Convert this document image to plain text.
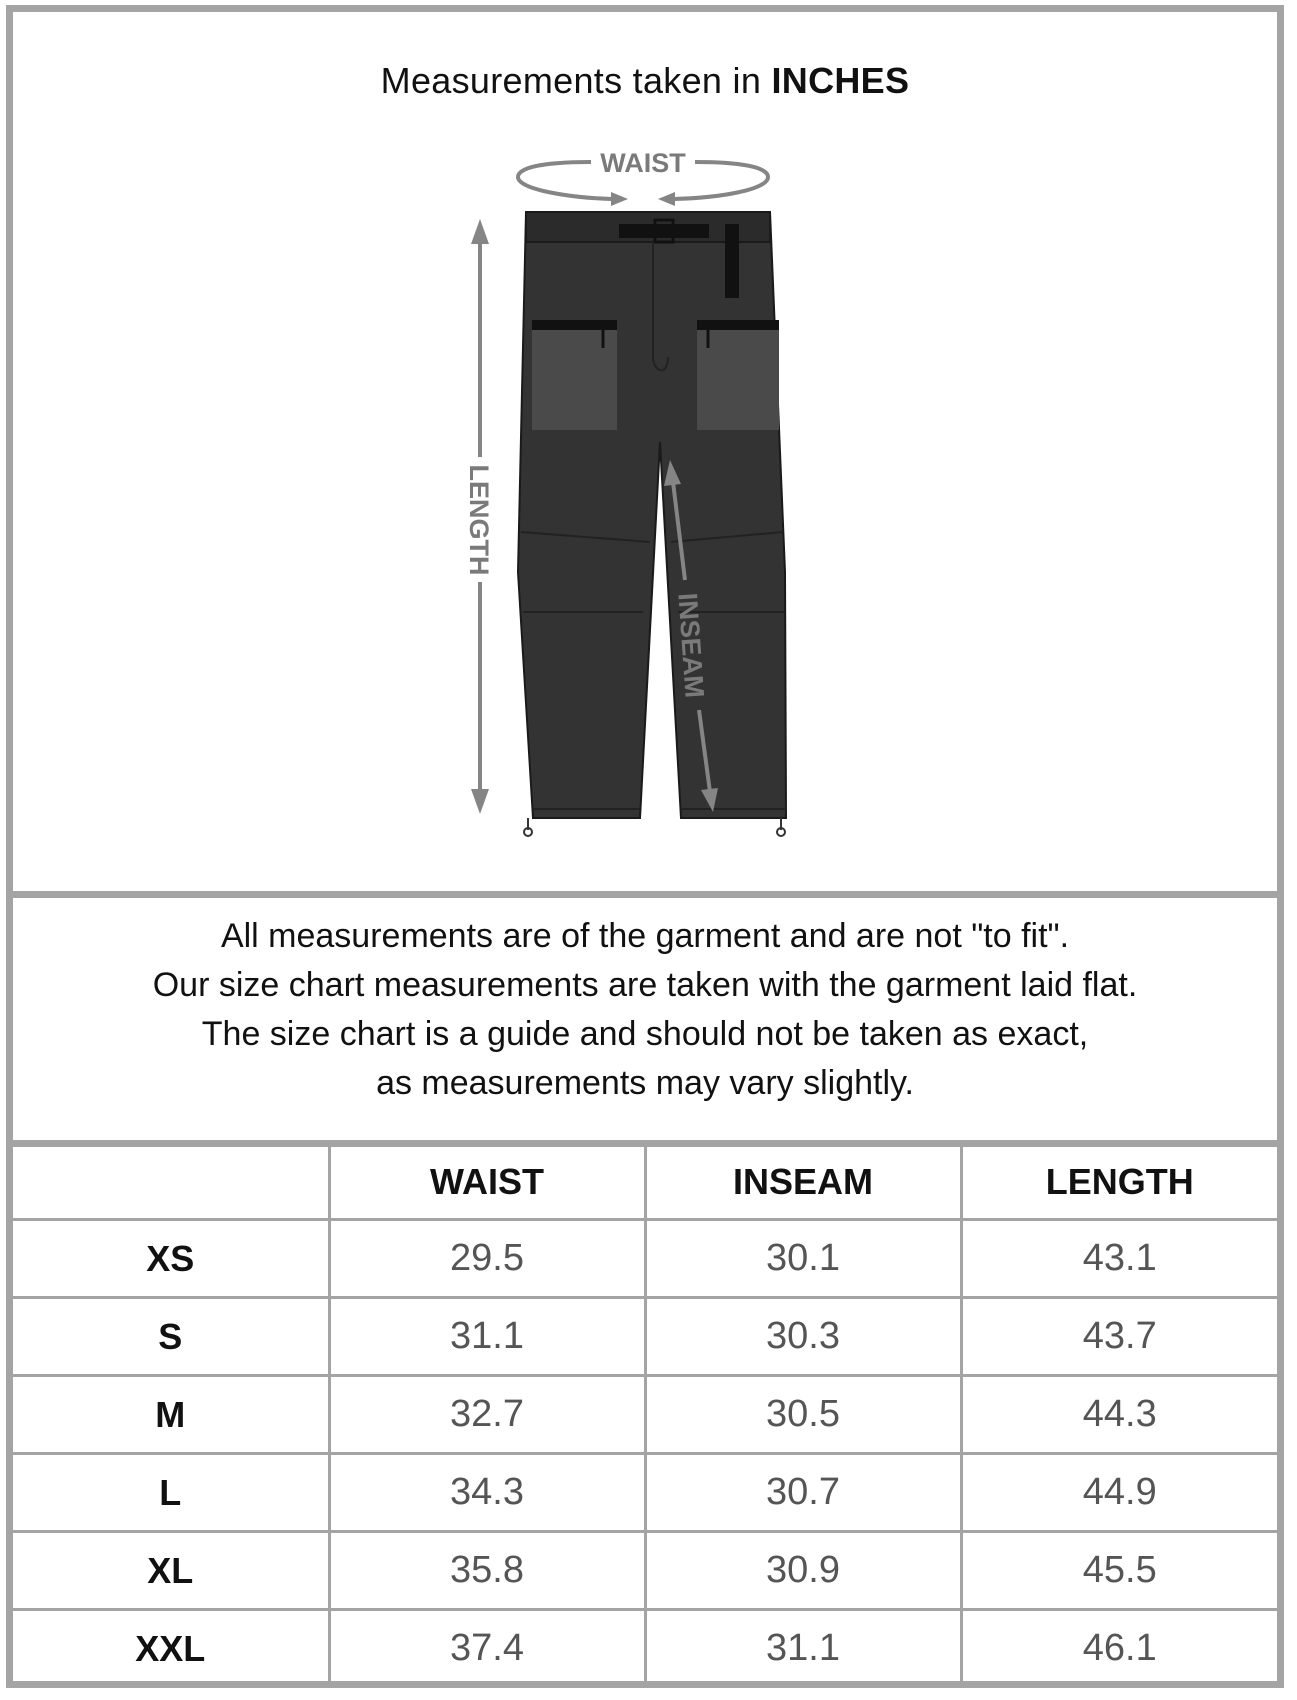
Measurements taken in INCHES
WAIST
LENGTH
INSEAM
All measurements are of the garment and are not "to fit".
Our size chart measurements are taken with the garment laid flat.
The size chart is a guide and should not be taken as exact,
as measurements may vary slightly.
	WAIST	INSEAM	LENGTH
XS	29.5	30.1	43.1
S	31.1	30.3	43.7
M	32.7	30.5	44.3
L	34.3	30.7	44.9
XL	35.8	30.9	45.5
XXL	37.4	31.1	46.1
